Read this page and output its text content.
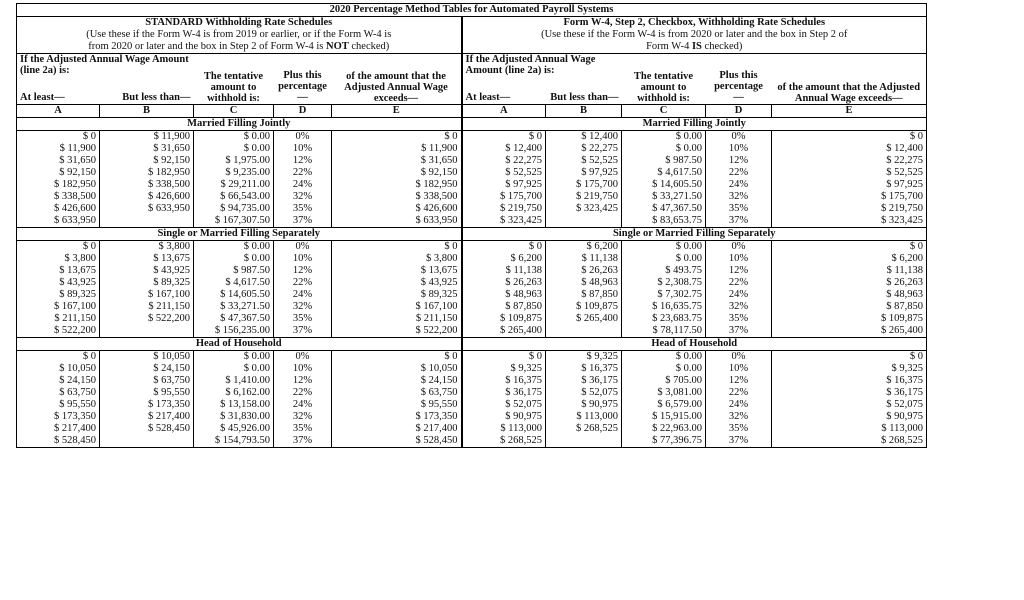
2020 Percentage Method Tables for Automated Payroll Systems									
STANDARD Withholding Rate Schedules					Form W-4, Step 2, Checkbox, Withholding Rate Schedules				
(Use these if the Form W-4 is from 2019 or earlier, or if the Form W-4 is					(Use these if the Form W-4 is from 2020 or later and the box in Step 2 of				
from 2020 or later and the box in Step 2 of Form W-4 is NOT checked)					Form W-4 IS checked)				
If the Adjusted Annual Wage Amount (line 2a) is:		The tentative amount to withhold is:	Plus this percentage	of the amount that the Adjusted Annual Wage exceeds—	If the Adjusted Annual Wage Amount (line 2a) is:		The tentative amount to withhold is:	Plus this percentage	of the amount that the Adjusted Annual Wage exceeds—
At least—	But less than—		—		At least—	But less than—		—	
A	B	C	D	E	A	B	C	D	E
Married Filling Jointly					Married Filling Jointly				
$ 0	$ 11,900	$ 0.00	0%	$ 0	$ 0	$ 12,400	$ 0.00	0%	$ 0
$ 11,900	$ 31,650	$ 0.00	10%	$ 11,900	$ 12,400	$ 22,275	$ 0.00	10%	$ 12,400
$ 31,650	$ 92,150	$ 1,975.00	12%	$ 31,650	$ 22,275	$ 52,525	$ 987.50	12%	$ 22,275
$ 92,150	$ 182,950	$ 9,235.00	22%	$ 92,150	$ 52,525	$ 97,925	$ 4,617.50	22%	$ 52,525
$ 182,950	$ 338,500	$ 29,211.00	24%	$ 182,950	$ 97,925	$ 175,700	$ 14,605.50	24%	$ 97,925
$ 338,500	$ 426,600	$ 66,543.00	32%	$ 338,500	$ 175,700	$ 219,750	$ 33,271.50	32%	$ 175,700
$ 426,600	$ 633,950	$ 94,735.00	35%	$ 426,600	$ 219,750	$ 323,425	$ 47,367.50	35%	$ 219,750
$ 633,950		$ 167,307.50	37%	$ 633,950	$ 323,425		$ 83,653.75	37%	$ 323,425
Single or Married Filling Separately					Single or Married Filling Separately				
$ 0	$ 3,800	$ 0.00	0%	$ 0	$ 0	$ 6,200	$ 0.00	0%	$ 0
$ 3,800	$ 13,675	$ 0.00	10%	$ 3,800	$ 6,200	$ 11,138	$ 0.00	10%	$ 6,200
$ 13,675	$ 43,925	$ 987.50	12%	$ 13,675	$ 11,138	$ 26,263	$ 493.75	12%	$ 11,138
$ 43,925	$ 89,325	$ 4,617.50	22%	$ 43,925	$ 26,263	$ 48,963	$ 2,308.75	22%	$ 26,263
$ 89,325	$ 167,100	$ 14,605.50	24%	$ 89,325	$ 48,963	$ 87,850	$ 7,302.75	24%	$ 48,963
$ 167,100	$ 211,150	$ 33,271.50	32%	$ 167,100	$ 87,850	$ 109,875	$ 16,635.75	32%	$ 87,850
$ 211,150	$ 522,200	$ 47,367.50	35%	$ 211,150	$ 109,875	$ 265,400	$ 23,683.75	35%	$ 109,875
$ 522,200		$ 156,235.00	37%	$ 522,200	$ 265,400		$ 78,117.50	37%	$ 265,400
Head of Household					Head of Household				
$ 0	$ 10,050	$ 0.00	0%	$ 0	$ 0	$ 9,325	$ 0.00	0%	$ 0
$ 10,050	$ 24,150	$ 0.00	10%	$ 10,050	$ 9,325	$ 16,375	$ 0.00	10%	$ 9,325
$ 24,150	$ 63,750	$ 1,410.00	12%	$ 24,150	$ 16,375	$ 36,175	$ 705.00	12%	$ 16,375
$ 63,750	$ 95,550	$ 6,162.00	22%	$ 63,750	$ 36,175	$ 52,075	$ 3,081.00	22%	$ 36,175
$ 95,550	$ 173,350	$ 13,158.00	24%	$ 95,550	$ 52,075	$ 90,975	$ 6,579.00	24%	$ 52,075
$ 173,350	$ 217,400	$ 31,830.00	32%	$ 173,350	$ 90,975	$ 113,000	$ 15,915.00	32%	$ 90,975
$ 217,400	$ 528,450	$ 45,926.00	35%	$ 217,400	$ 113,000	$ 268,525	$ 22,963.00	35%	$ 113,000
$ 528,450		$ 154,793.50	37%	$ 528,450	$ 268,525		$ 77,396.75	37%	$ 268,525
